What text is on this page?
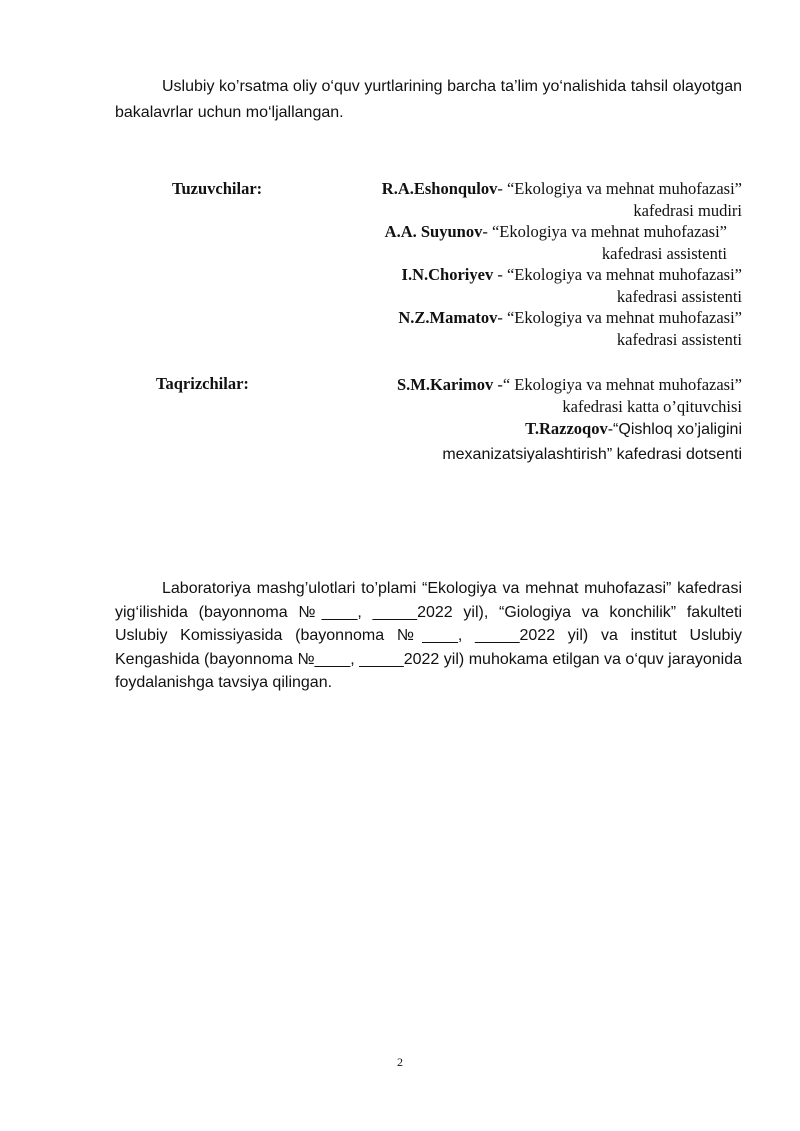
Uslubiy ko’rsatma oliy o‘quv yurtlarining barcha ta’lim yo‘nalishida tahsil olayotgan bakalavrlar uchun mo‘ljallangan.

Tuzuvchilar:	R.A.Eshonqulov- “Ekologiya va mehnat muhofazasi” kafedrasi mudiri

A.A. Suyunov- “Ekologiya va mehnat muhofazasi” kafedrasi assistenti

I.N.Choriyev - “Ekologiya va mehnat muhofazasi” kafedrasi assistenti

N.Z.Mamatov- “Ekologiya va mehnat muhofazasi” kafedrasi assistenti

Taqrizchilar:	S.M.Karimov -“ Ekologiya va mehnat muhofazasi” kafedrasi katta o’qituvchisi

T.Razzoqov-“Qishloq xo’jaligini mexanizatsiyalashtirish” kafedrasi dotsenti

Laboratoriya mashg’ulotlari to’plami “Ekologiya va mehnat muhofazasi” kafedrasi yig‘ilishida (bayonnoma №____, _____2022 yil), “Giologiya va konchilik” fakulteti Uslubiy Komissiyasida (bayonnoma №____, _____2022 yil) va institut Uslubiy Kengashida (bayonnoma №____, _____2022 yil) muhokama etilgan va o‘quv jarayonida foydalanishga tavsiya qilingan.

2
